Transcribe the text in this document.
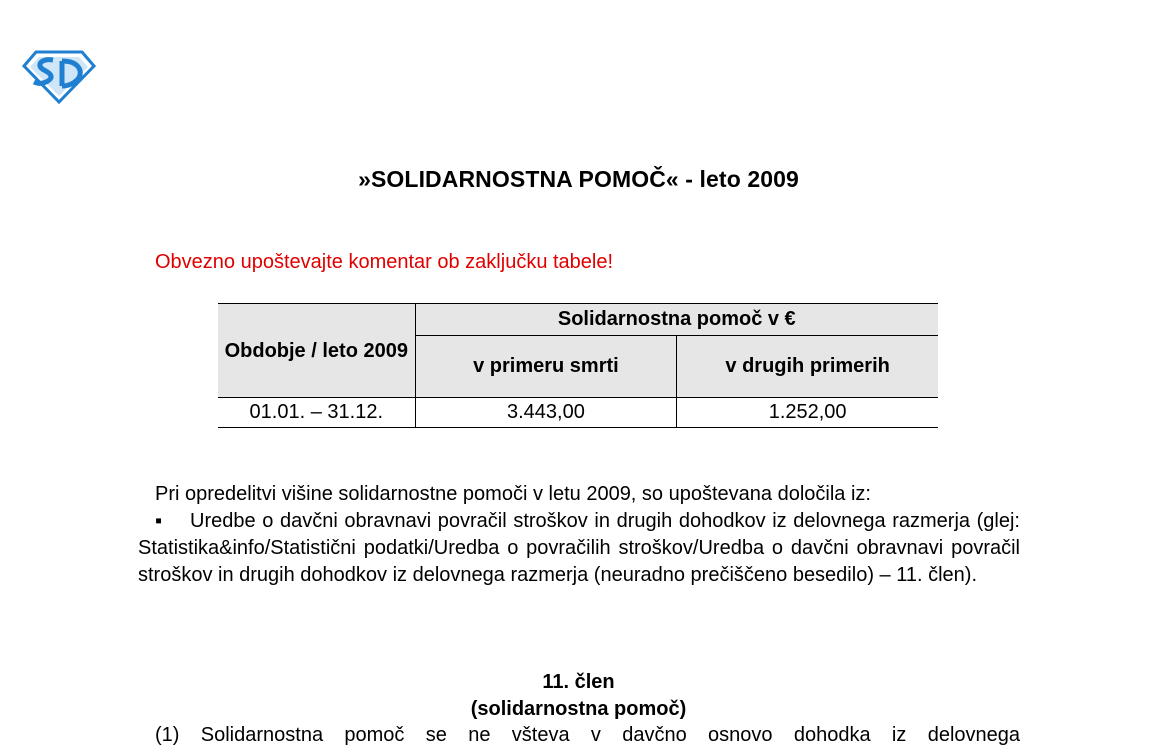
»SOLIDARNOSTNA POMOČ« - leto 2009
Obvezno upoštevajte komentar ob zaključku tabele!
Obdobje / leto 2009	Solidarnostna pomoč v €	
	v primeru smrti	v drugih primerih
01.01. – 31.12.	3.443,00	1.252,00
Pri opredelitvi višine solidarnostne pomoči v letu 2009, so upoštevana določila iz:
▪ Uredbe o davčni obravnavi povračil stroškov in drugih dohodkov iz delovnega razmerja (glej: Statistika&info/Statistični podatki/Uredba o povračilih stroškov/Uredba o davčni obravnavi povračil stroškov in drugih dohodkov iz delovnega razmerja (neuradno prečiščeno besedilo) – 11. člen).
11. člen
(solidarnostna pomoč)
(1) Solidarnostna pomoč se ne všteva v davčno osnovo dohodka iz delovnega
